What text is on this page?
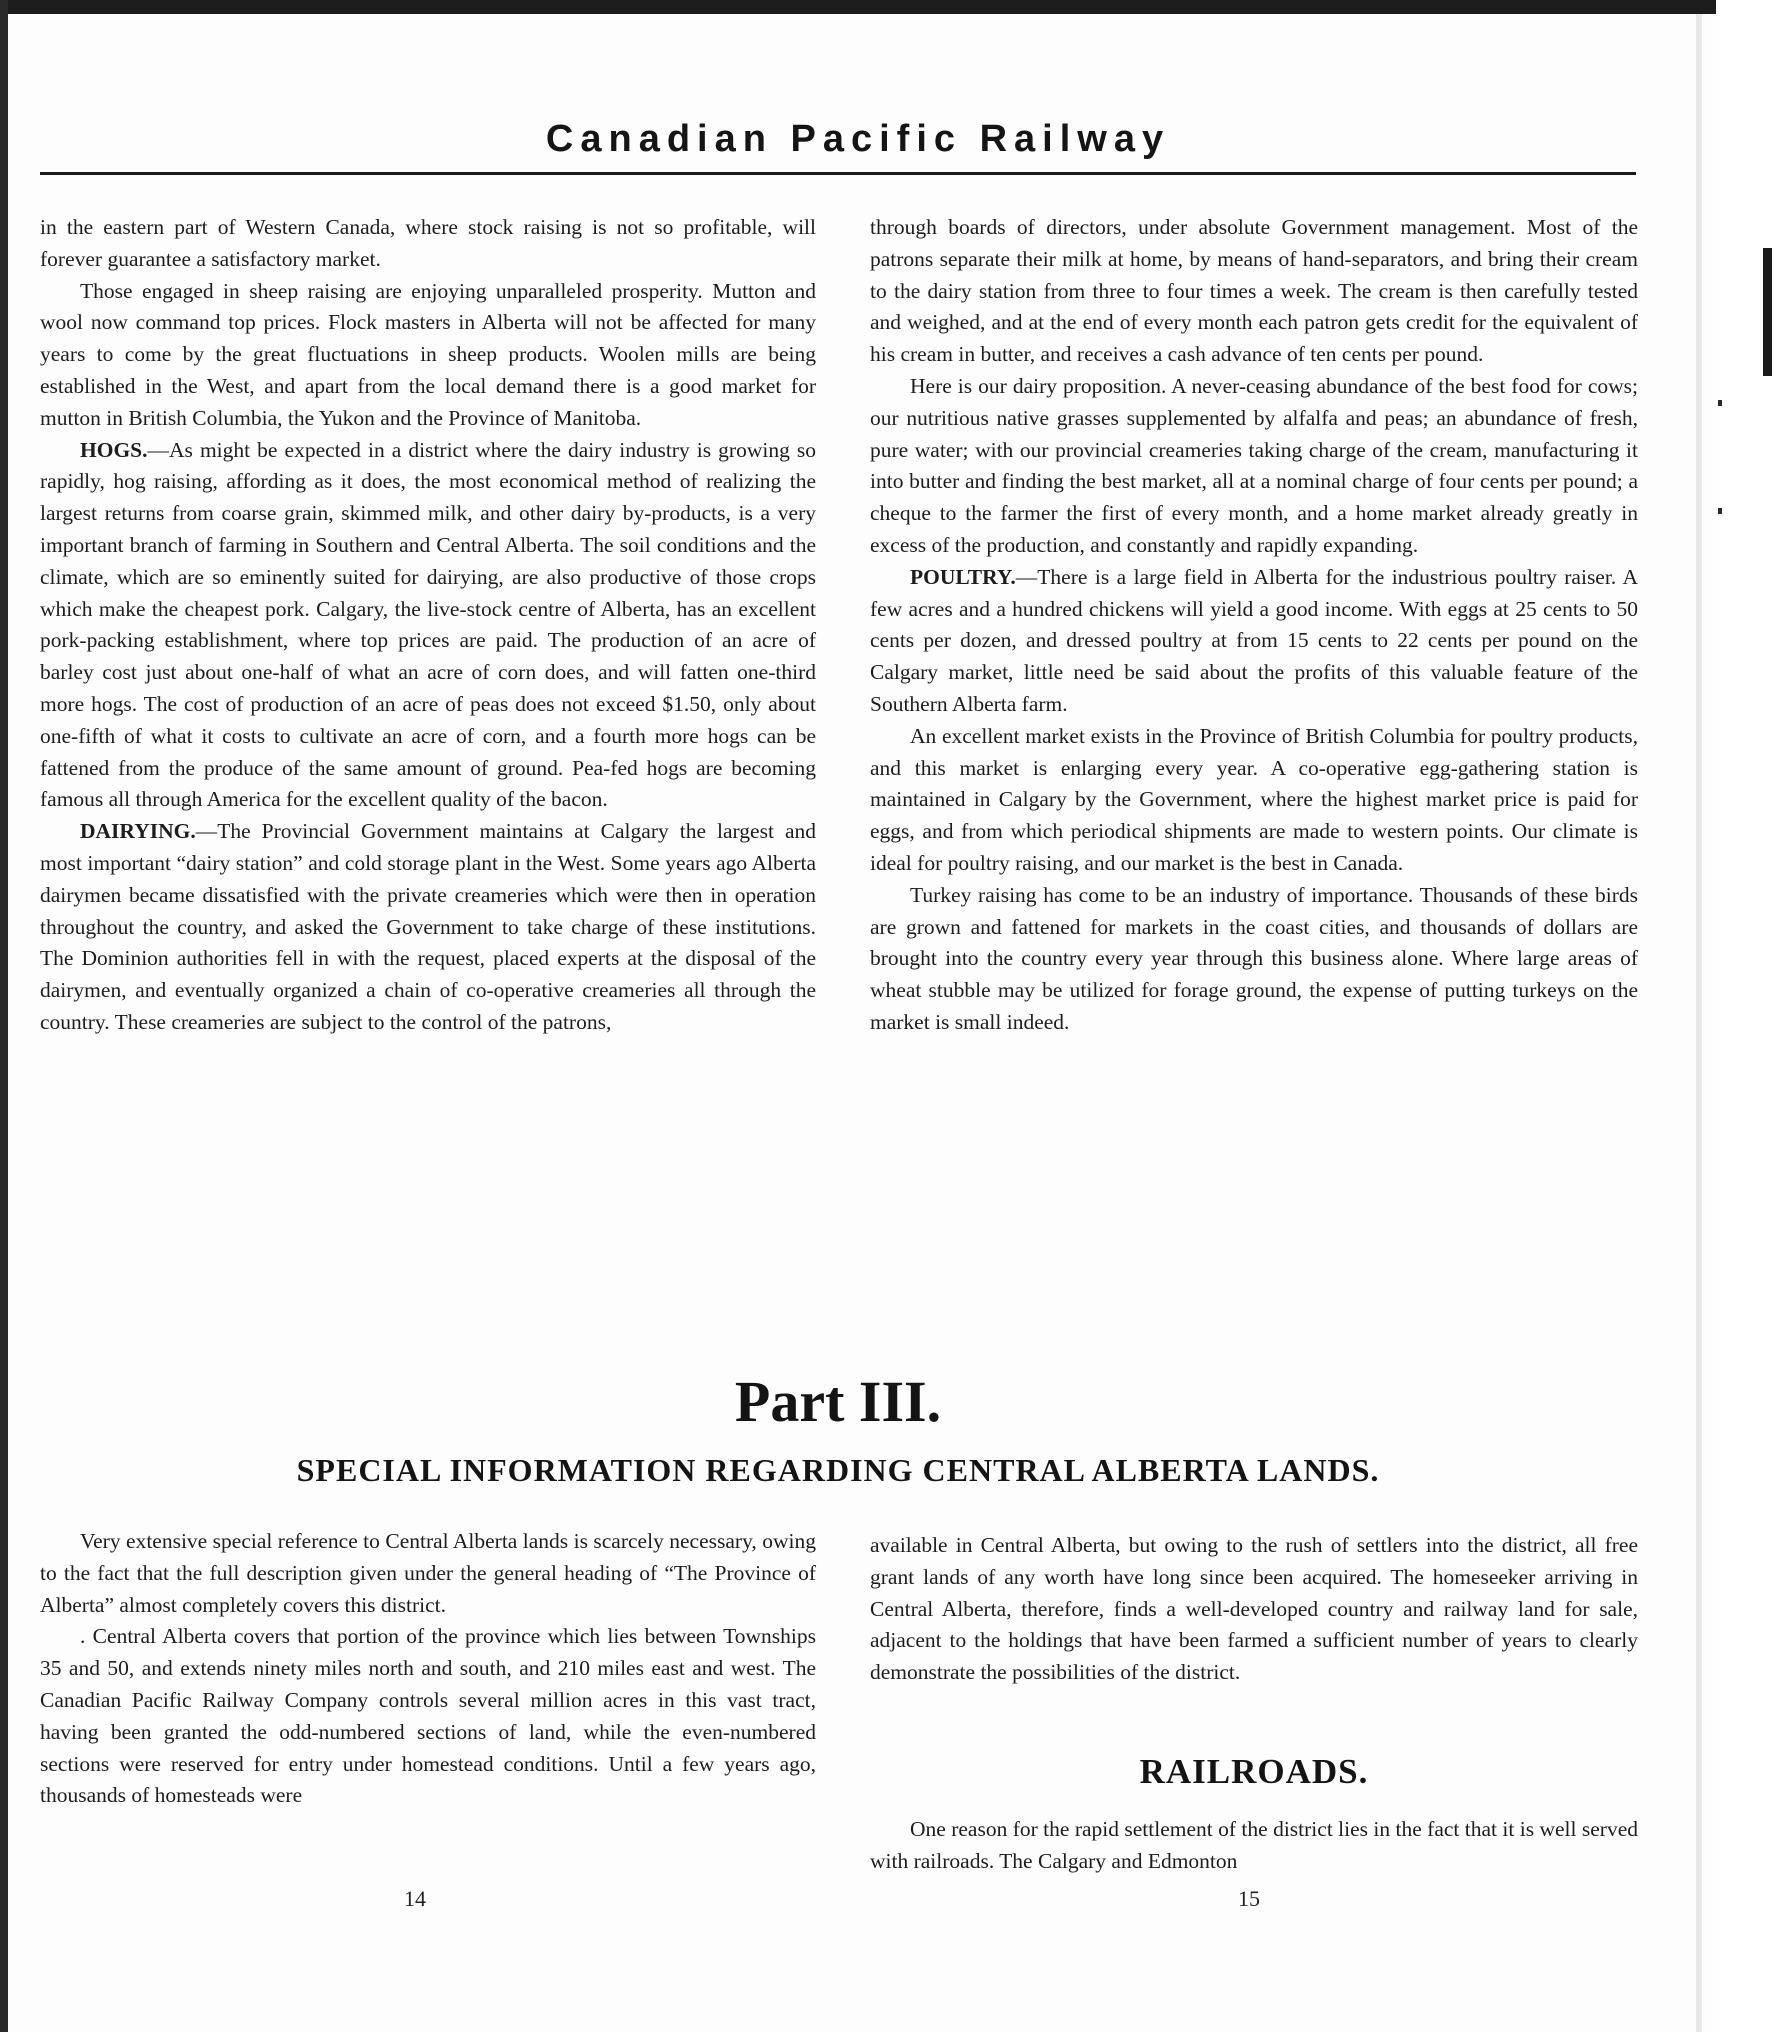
Canadian Pacific Railway

in the eastern part of Western Canada, where stock raising is not so profitable, will forever guarantee a satisfactory market.

Those engaged in sheep raising are enjoying unparalleled prosperity. Mutton and wool now command top prices. Flock masters in Alberta will not be affected for many years to come by the great fluctuations in sheep products. Woolen mills are being established in the West, and apart from the local demand there is a good market for mutton in British Columbia, the Yukon and the Province of Manitoba.

HOGS.—As might be expected in a district where the dairy industry is growing so rapidly, hog raising, affording as it does, the most economical method of realizing the largest returns from coarse grain, skimmed milk, and other dairy by-products, is a very important branch of farming in Southern and Central Alberta. The soil conditions and the climate, which are so eminently suited for dairying, are also productive of those crops which make the cheapest pork. Calgary, the live-stock centre of Alberta, has an excellent pork-packing establishment, where top prices are paid. The production of an acre of barley cost just about one-half of what an acre of corn does, and will fatten one-third more hogs. The cost of production of an acre of peas does not exceed $1.50, only about one-fifth of what it costs to cultivate an acre of corn, and a fourth more hogs can be fattened from the produce of the same amount of ground. Pea-fed hogs are becoming famous all through America for the excellent quality of the bacon.

DAIRYING.—The Provincial Government maintains at Calgary the largest and most important “dairy station” and cold storage plant in the West. Some years ago Alberta dairymen became dissatisfied with the private creameries which were then in operation throughout the country, and asked the Government to take charge of these institutions. The Dominion authorities fell in with the request, placed experts at the disposal of the dairymen, and eventually organized a chain of co-operative creameries all through the country. These creameries are subject to the control of the patrons,

through boards of directors, under absolute Government management. Most of the patrons separate their milk at home, by means of hand-separators, and bring their cream to the dairy station from three to four times a week. The cream is then carefully tested and weighed, and at the end of every month each patron gets credit for the equivalent of his cream in butter, and receives a cash advance of ten cents per pound.

Here is our dairy proposition. A never-ceasing abundance of the best food for cows; our nutritious native grasses supplemented by alfalfa and peas; an abundance of fresh, pure water; with our provincial creameries taking charge of the cream, manufacturing it into butter and finding the best market, all at a nominal charge of four cents per pound; a cheque to the farmer the first of every month, and a home market already greatly in excess of the production, and constantly and rapidly expanding.

POULTRY.—There is a large field in Alberta for the industrious poultry raiser. A few acres and a hundred chickens will yield a good income. With eggs at 25 cents to 50 cents per dozen, and dressed poultry at from 15 cents to 22 cents per pound on the Calgary market, little need be said about the profits of this valuable feature of the Southern Alberta farm.

An excellent market exists in the Province of British Columbia for poultry products, and this market is enlarging every year. A co-operative egg-gathering station is maintained in Calgary by the Government, where the highest market price is paid for eggs, and from which periodical shipments are made to western points. Our climate is ideal for poultry raising, and our market is the best in Canada.

Turkey raising has come to be an industry of importance. Thousands of these birds are grown and fattened for markets in the coast cities, and thousands of dollars are brought into the country every year through this business alone. Where large areas of wheat stubble may be utilized for forage ground, the expense of putting turkeys on the market is small indeed.

Part III.
SPECIAL INFORMATION REGARDING CENTRAL ALBERTA LANDS.

Very extensive special reference to Central Alberta lands is scarcely necessary, owing to the fact that the full description given under the general heading of “The Province of Alberta” almost completely covers this district.

. Central Alberta covers that portion of the province which lies between Townships 35 and 50, and extends ninety miles north and south, and 210 miles east and west. The Canadian Pacific Railway Company controls several million acres in this vast tract, having been granted the odd-numbered sections of land, while the even-numbered sections were reserved for entry under homestead conditions. Until a few years ago, thousands of homesteads were

available in Central Alberta, but owing to the rush of settlers into the district, all free grant lands of any worth have long since been acquired. The homeseeker arriving in Central Alberta, therefore, finds a well-developed country and railway land for sale, adjacent to the holdings that have been farmed a sufficient number of years to clearly demonstrate the possibilities of the district.

RAILROADS.

One reason for the rapid settlement of the district lies in the fact that it is well served with railroads. The Calgary and Edmonton

14	15
